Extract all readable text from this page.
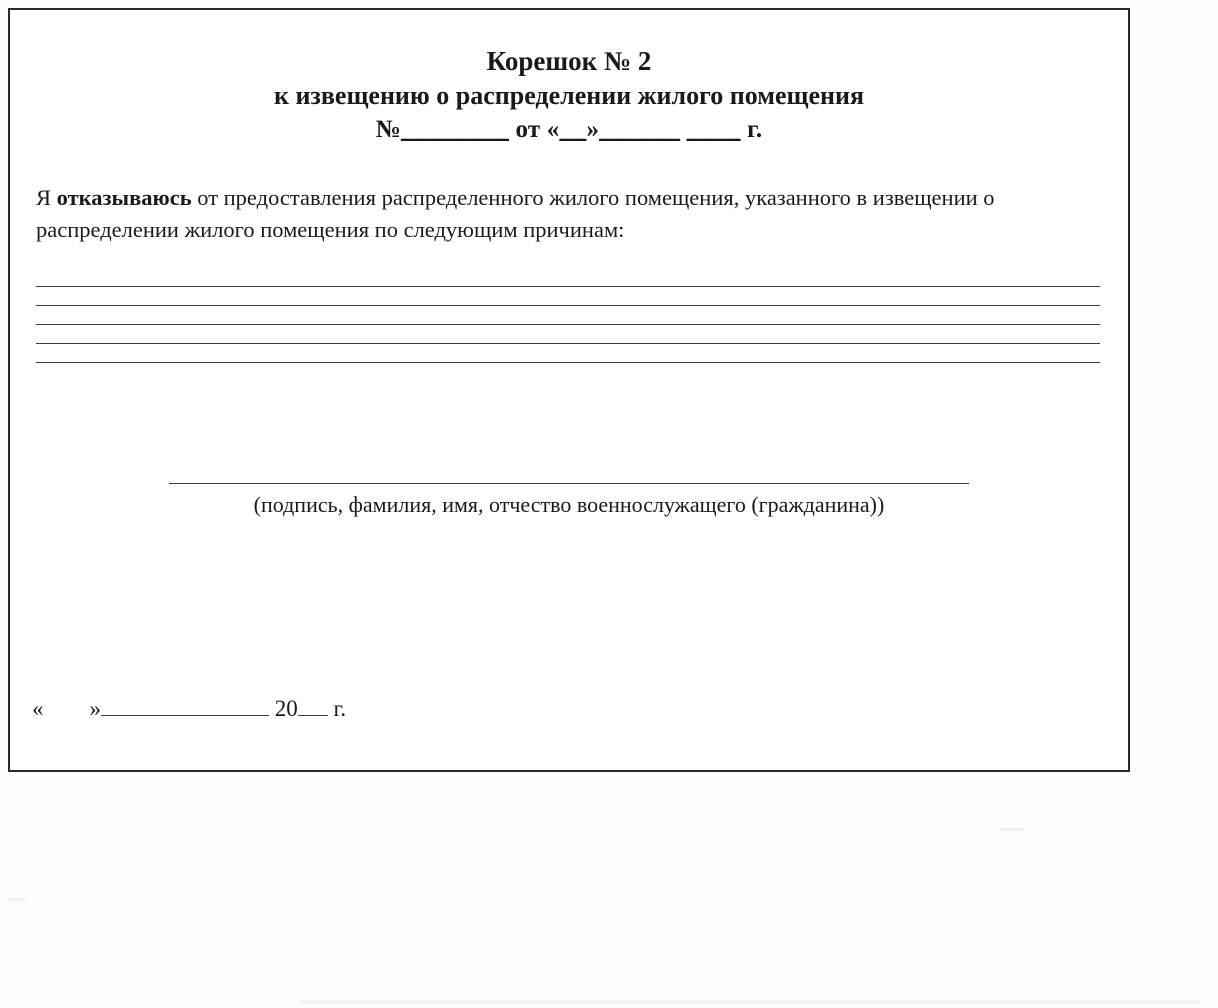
Корешок № 2
к извещению о распределении жилого помещения
№________ от «__»______ ____ г.
Я отказываюсь от предоставления распределенного жилого помещения, указанного в извещении о распределении жилого помещения по следующим причинам:
(подпись, фамилия, имя, отчество военнослужащего (гражданина))
« »	20 г.
